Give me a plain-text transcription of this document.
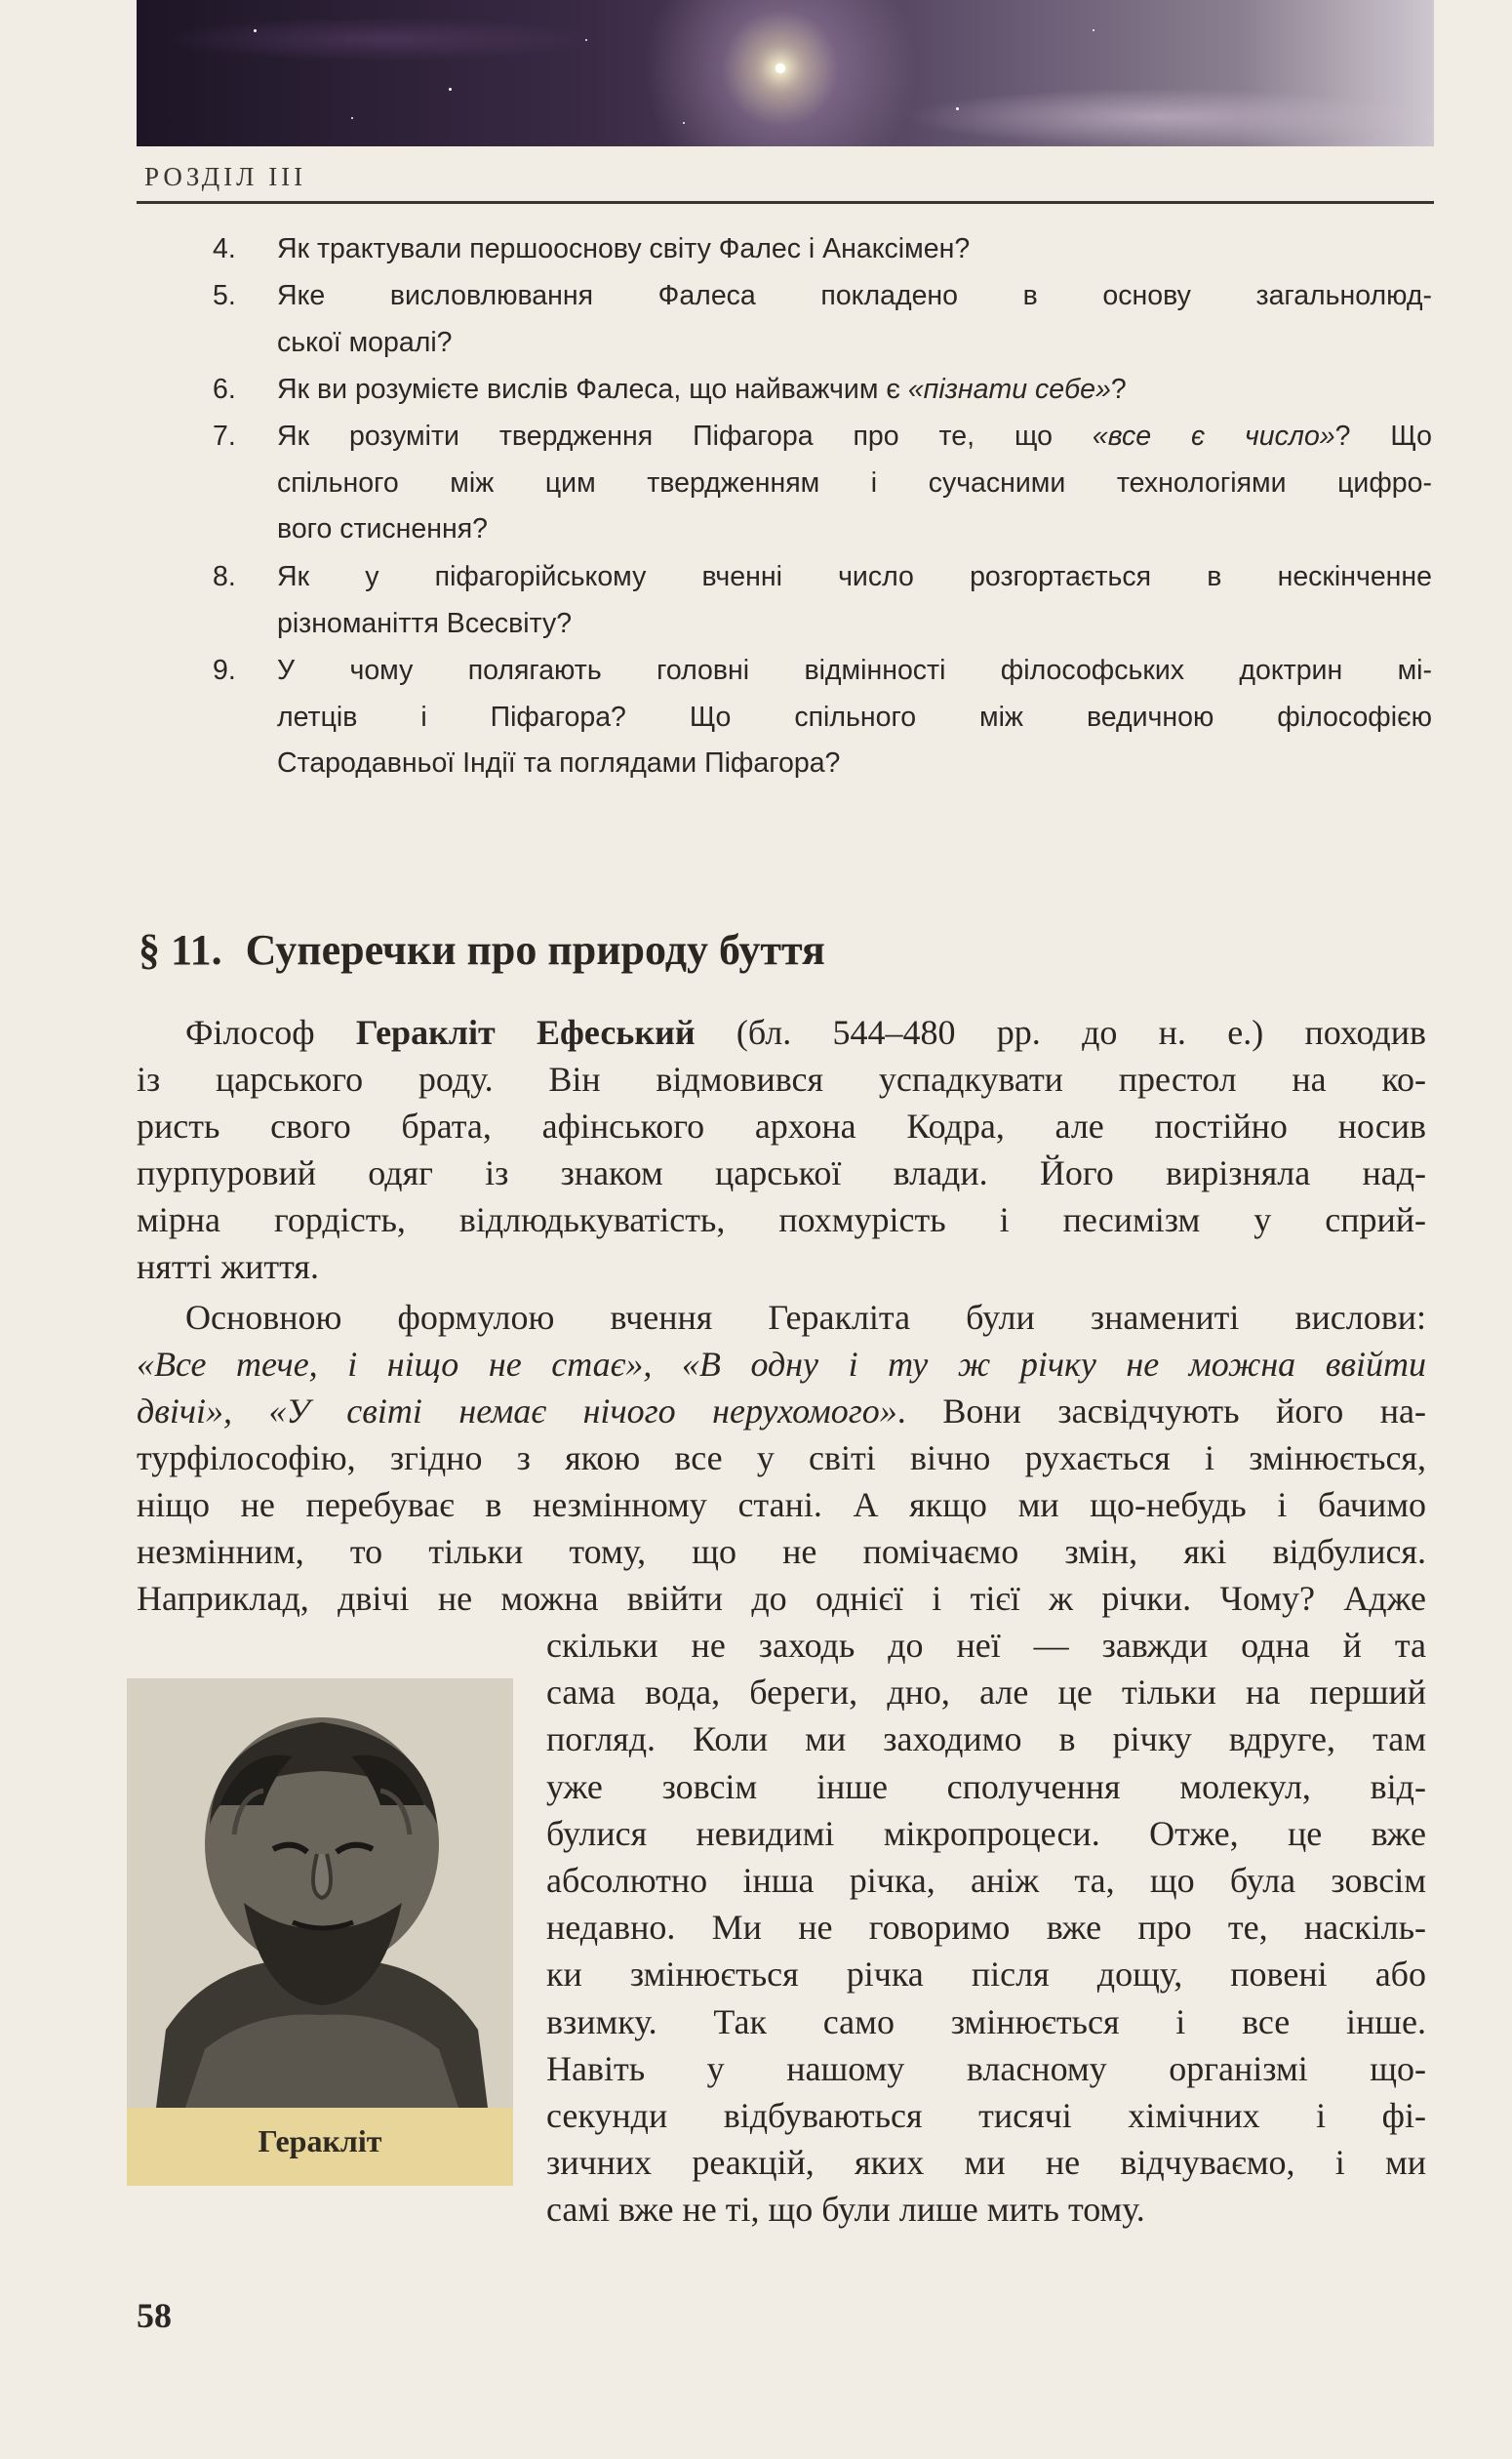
РОЗДІЛ III
4.	Як трактували першооснову світу Фалес і Анаксімен?
5.	Яке висловлювання Фалеса покладено в основу загальнолюд-
ської моралі?
6.	Як ви розумієте вислів Фалеса, що найважчим є «пізнати себе»?
7.	Як розуміти твердження Піфагора про те, що «все є число»? Що
спільного між цим твердженням і сучасними технологіями цифро-
вого стиснення?
8.	Як у піфагорійському вченні число розгортається в нескінченне
різноманіття Всесвіту?
9.	У чому полягають головні відмінності філософських доктрин мі-
летців і Піфагора? Що спільного між ведичною філософією
Стародавньої Індії та поглядами Піфагора?
§ 11. Суперечки про природу буття
Філософ Геракліт Ефеський (бл. 544–480 рр. до н. е.) походив
із царського роду. Він відмовився успадкувати престол на ко-
ристь свого брата, афінського архона Кодра, але постійно носив
пурпуровий одяг із знаком царської влади. Його вирізняла над-
мірна гордість, відлюдькуватість, похмурість і песимізм у сприй-
нятті життя.
Основною формулою вчення Геракліта були знамениті вислови:
«Все тече, і ніщо не стає», «В одну і ту ж річку не можна ввійти
двічі», «У світі немає нічого нерухомого». Вони засвідчують його на-
турфілософію, згідно з якою все у світі вічно рухається і змінюється,
ніщо не перебуває в незмінному стані. А якщо ми що-небудь і бачимо
незмінним, то тільки тому, що не помічаємо змін, які відбулися.
Наприклад, двічі не можна ввійти до однієї і тієї ж річки. Чому? Адже
Геракліт
скільки не заходь до неї — завжди одна й та
сама вода, береги, дно, але це тільки на перший
погляд. Коли ми заходимо в річку вдруге, там
уже зовсім інше сполучення молекул, від-
булися невидимі мікропроцеси. Отже, це вже
абсолютно інша річка, аніж та, що була зовсім
недавно. Ми не говоримо вже про те, наскіль-
ки змінюється річка після дощу, повені або
взимку. Так само змінюється і все інше.
Навіть у нашому власному організмі що-
секунди відбуваються тисячі хімічних і фі-
зичних реакцій, яких ми не відчуваємо, і ми
самі вже не ті, що були лише мить тому.
58
